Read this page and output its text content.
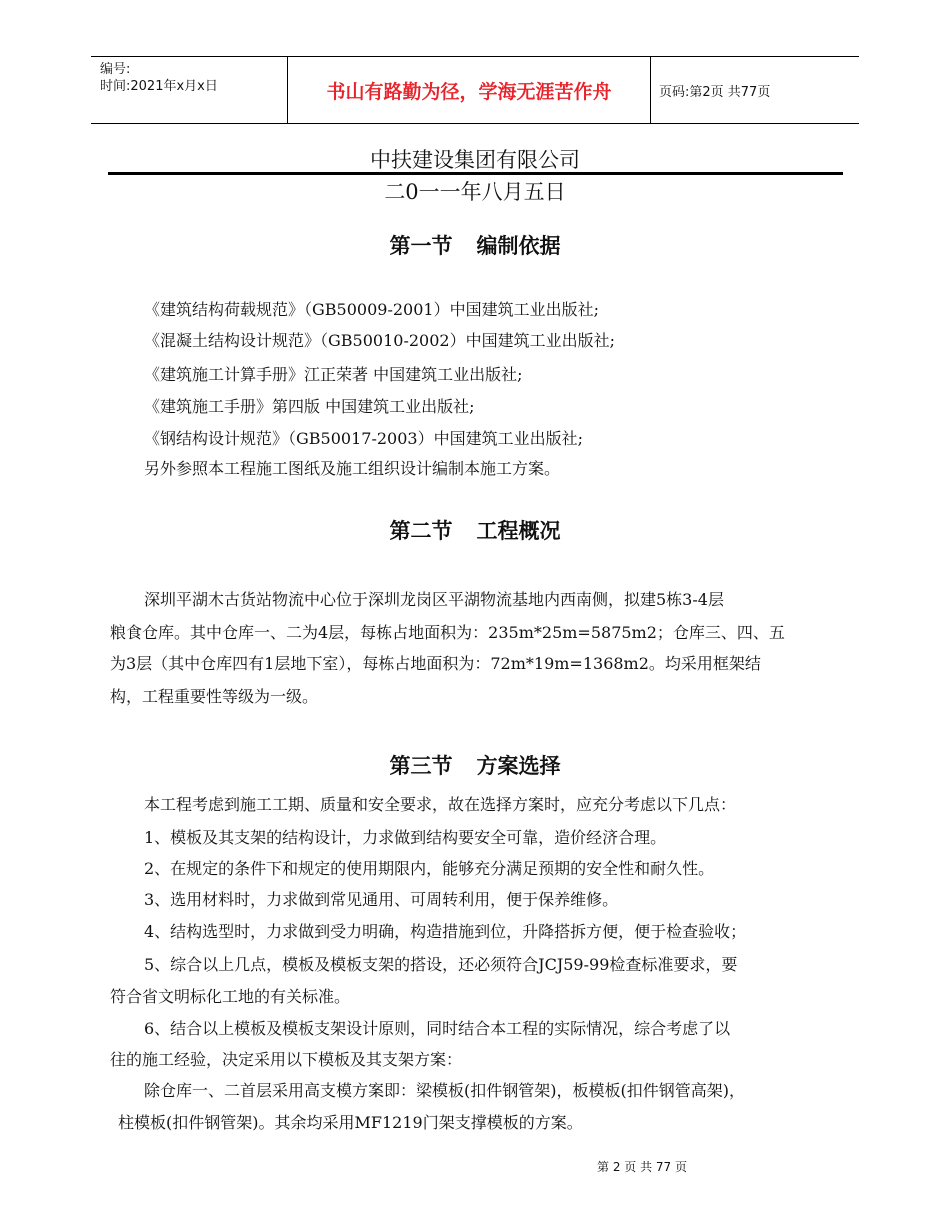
编号:
时间:2021年x月x日	书山有路勤为径，学海无涯苦作舟	页码:第2页 共77页
中扶建设集团有限公司
二0一一年八月五日
第一节 编制依据
《建筑结构荷载规范》（GB50009-2001）中国建筑工业出版社;
《混凝土结构设计规范》（GB50010-2002）中国建筑工业出版社;
《建筑施工计算手册》江正荣著 中国建筑工业出版社;
《建筑施工手册》第四版 中国建筑工业出版社;
《钢结构设计规范》（GB50017-2003）中国建筑工业出版社;
另外参照本工程施工图纸及施工组织设计编制本施工方案。
第二节 工程概况
深圳平湖木古货站物流中心位于深圳龙岗区平湖物流基地内西南侧，拟建5栋3-4层
粮食仓库。其中仓库一、二为4层，每栋占地面积为：235m*25m=5875m2；仓库三、四、五
为3层（其中仓库四有1层地下室），每栋占地面积为：72m*19m=1368m2。均采用框架结
构，工程重要性等级为一级。
第三节 方案选择
本工程考虑到施工工期、质量和安全要求，故在选择方案时，应充分考虑以下几点：
1、模板及其支架的结构设计，力求做到结构要安全可靠，造价经济合理。
2、在规定的条件下和规定的使用期限内，能够充分满足预期的安全性和耐久性。
3、选用材料时，力求做到常见通用、可周转利用，便于保养维修。
4、结构选型时，力求做到受力明确，构造措施到位，升降搭拆方便，便于检查验收；
5、综合以上几点，模板及模板支架的搭设，还必须符合JCJ59-99检查标准要求，要
符合省文明标化工地的有关标准。
6、结合以上模板及模板支架设计原则，同时结合本工程的实际情况，综合考虑了以
往的施工经验，决定采用以下模板及其支架方案：
除仓库一、二首层采用高支模方案即：梁模板(扣件钢管架)，板模板(扣件钢管高架)，
柱模板(扣件钢管架)。其余均采用MF1219门架支撑模板的方案。
第 2 页 共 77 页
